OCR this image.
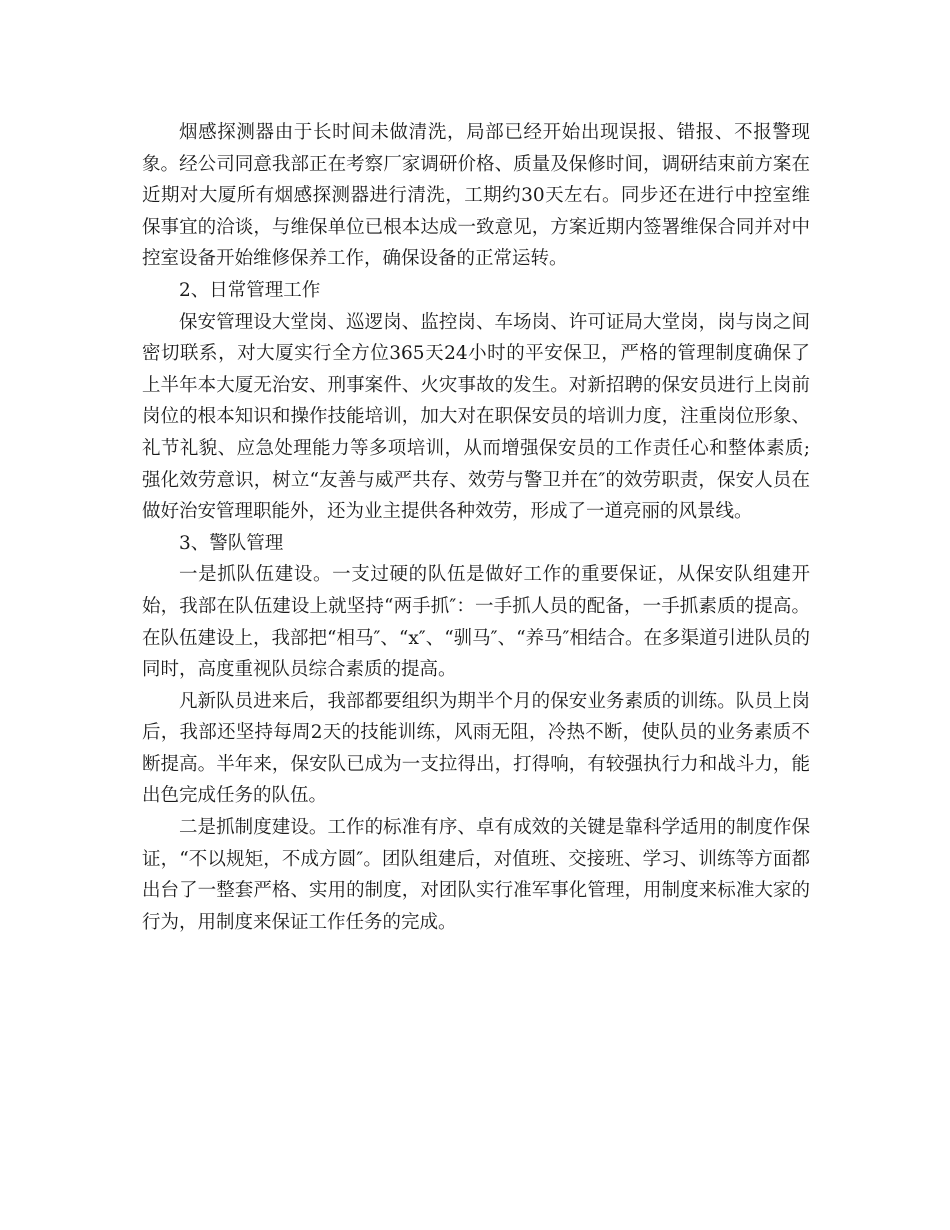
烟感探测器由于长时间未做清洗，局部已经开始出现误报、错报、不报警现象。经公司同意我部正在考察厂家调研价格、质量及保修时间，调研结束前方案在近期对大厦所有烟感探测器进行清洗，工期约30天左右。同步还在进行中控室维保事宜的洽谈，与维保单位已根本达成一致意见，方案近期内签署维保合同并对中控室设备开始维修保养工作，确保设备的正常运转。

2、日常管理工作

保安管理设大堂岗、巡逻岗、监控岗、车场岗、许可证局大堂岗，岗与岗之间密切联系，对大厦实行全方位365天24小时的平安保卫，严格的管理制度确保了上半年本大厦无治安、刑事案件、火灾事故的发生。对新招聘的保安员进行上岗前岗位的根本知识和操作技能培训，加大对在职保安员的培训力度，注重岗位形象、礼节礼貌、应急处理能力等多项培训，从而增强保安员的工作责任心和整体素质;强化效劳意识，树立“友善与威严共存、效劳与警卫并在″的效劳职责，保安人员在做好治安管理职能外，还为业主提供各种效劳，形成了一道亮丽的风景线。

3、警队管理

一是抓队伍建设。一支过硬的队伍是做好工作的重要保证，从保安队组建开始，我部在队伍建设上就坚持“两手抓″：一手抓人员的配备，一手抓素质的提高。在队伍建设上，我部把“相马″、“x″、“驯马″、“养马″相结合。在多渠道引进队员的同时，高度重视队员综合素质的提高。

凡新队员进来后，我部都要组织为期半个月的保安业务素质的训练。队员上岗后，我部还坚持每周2天的技能训练，风雨无阻，冷热不断，使队员的业务素质不断提高。半年来，保安队已成为一支拉得出，打得响，有较强执行力和战斗力，能出色完成任务的队伍。

二是抓制度建设。工作的标准有序、卓有成效的关键是靠科学适用的制度作保证，“不以规矩，不成方圆″。团队组建后，对值班、交接班、学习、训练等方面都出台了一整套严格、实用的制度，对团队实行准军事化管理，用制度来标准大家的行为，用制度来保证工作任务的完成。
